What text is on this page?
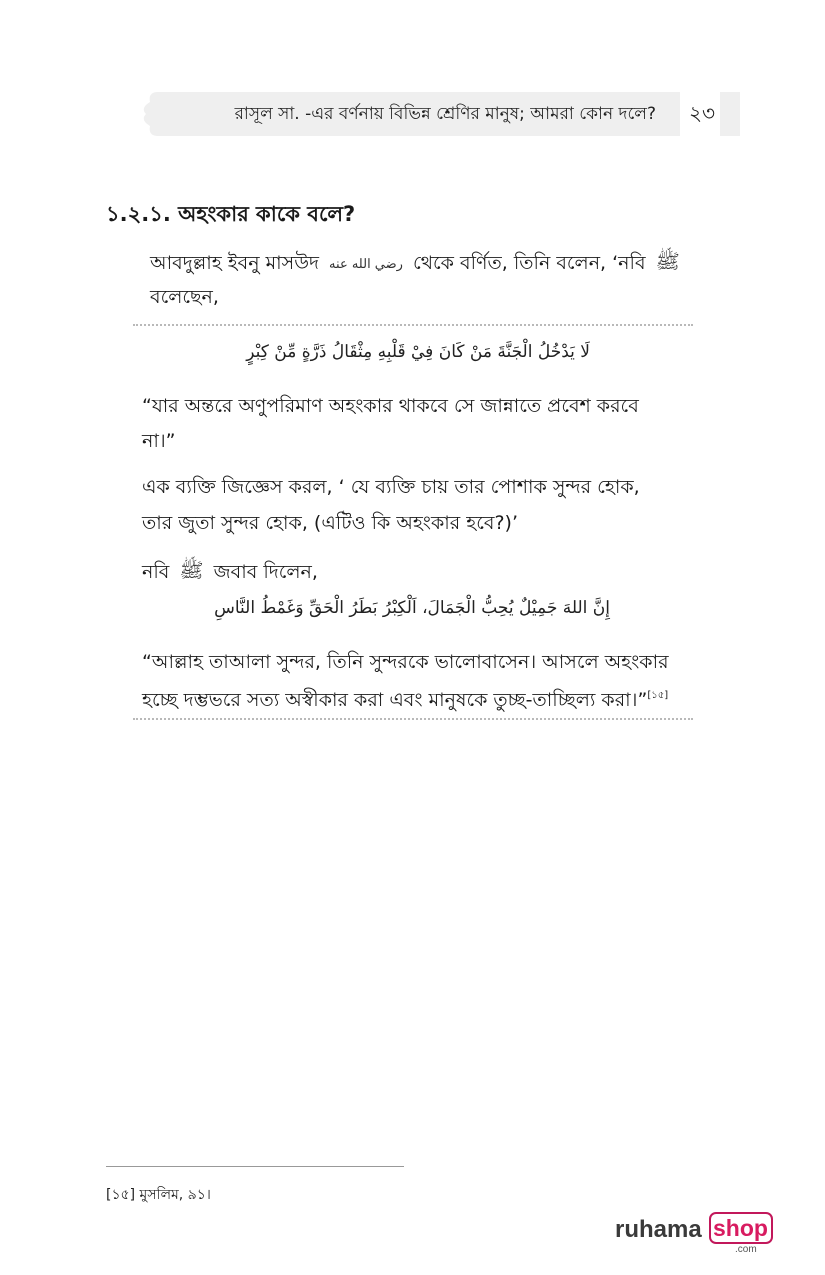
রাসূল সা. -এর বর্ণনায় বিভিন্ন শ্রেণির মানুষ; আমরা কোন দলে?	২৩
১.২.১. অহংকার কাকে বলে?
আবদুল্লাহ ইবনু মাসউদ رضي الله عنه থেকে বর্ণিত, তিনি বলেন, ‘নবি ﷺ
বলেছেন,
لَا يَدْخُلُ الْجَنَّةَ مَنْ كَانَ فِيْ قَلْبِهِ مِثْقَالُ ذَرَّةٍ مِّنْ كِبْرٍ
“যার অন্তরে অণুপরিমাণ অহংকার থাকবে সে জান্নাতে প্রবেশ করবে
না।”
এক ব্যক্তি জিজ্ঞেস করল, ‘ যে ব্যক্তি চায় তার পোশাক সুন্দর হোক,
তার জুতা সুন্দর হোক, (এটিও কি অহংকার হবে?)’
নবি ﷺ জবাব দিলেন,
إِنَّ اللهَ جَمِيْلٌ يُحِبُّ الْجَمَالَ، اَلْكِبْرُ بَطَرُ الْحَقِّ وَغَمْطُ النَّاسِ
“আল্লাহ তাআলা সুন্দর, তিনি সুন্দরকে ভালোবাসেন। আসলে অহংকার
হচ্ছে দম্ভভরে সত্য অস্বীকার করা এবং মানুষকে তুচ্ছ-তাচ্ছিল্য করা।”[১৫]
[১৫] মুসলিম, ৯১।
ruhama shop
.com
